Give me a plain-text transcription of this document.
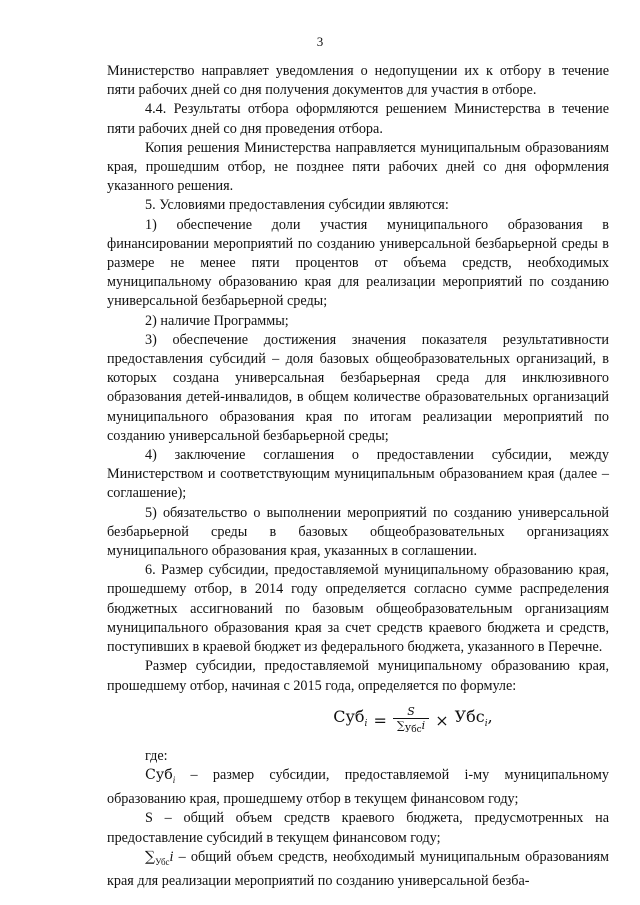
3

Министерство направляет уведомления о недопущении их к отбору в течение пяти рабочих дней со дня получения документов для участия в отборе.

4.4. Результаты отбора оформляются решением Министерства в течение пяти рабочих дней со дня проведения отбора.

Копия решения Министерства направляется муниципальным образованиям края, прошедшим отбор, не позднее пяти рабочих дней со дня оформления указанного решения.

5. Условиями предоставления субсидии являются:

1) обеспечение доли участия муниципального образования в финансировании мероприятий по созданию универсальной безбарьерной среды в размере не менее пяти процентов от объема средств, необходимых муниципальному образованию края для реализации мероприятий по созданию универсальной безбарьерной среды;

2) наличие Программы;

3) обеспечение достижения значения показателя результативности предоставления субсидий – доля базовых общеобразовательных организаций, в которых создана универсальная безбарьерная среда для инклюзивного образования детей-инвалидов, в общем количестве образовательных организаций муниципального образования края по итогам реализации мероприятий по созданию универсальной безбарьерной среды;

4) заключение соглашения о предоставлении субсидии, между Министерством и соответствующим муниципальным образованием края (далее – соглашение);

5) обязательство о выполнении мероприятий по созданию универсальной безбарьерной среды в базовых общеобразовательных организациях муниципального образования края, указанных в соглашении.

6. Размер субсидии, предоставляемой муниципальному образованию края, прошедшему отбор, в 2014 году определяется согласно сумме распределения бюджетных ассигнований по базовым общеобразовательным организациям муниципального образования края за счет средств краевого бюджета и средств, поступивших в краевой бюджет из федерального бюджета, указанного в Перечне.

Размер субсидии, предоставляемой муниципальному образованию края, прошедшему отбор, начиная с 2015 года, определяется по формуле:

$Суб_i = \frac{S}{\sum_{Убс}i} \times Убс_i$,

где:

Суб$_i$ – размер субсидии, предоставляемой i-му муниципальному образованию края, прошедшему отбор в текущем финансовом году;

S – общий объем средств краевого бюджета, предусмотренных на предоставление субсидий в текущем финансовом году;

$\sum_{Убс}i$ – общий объем средств, необходимый муниципальным образованиям края для реализации мероприятий по созданию универсальной безба-
